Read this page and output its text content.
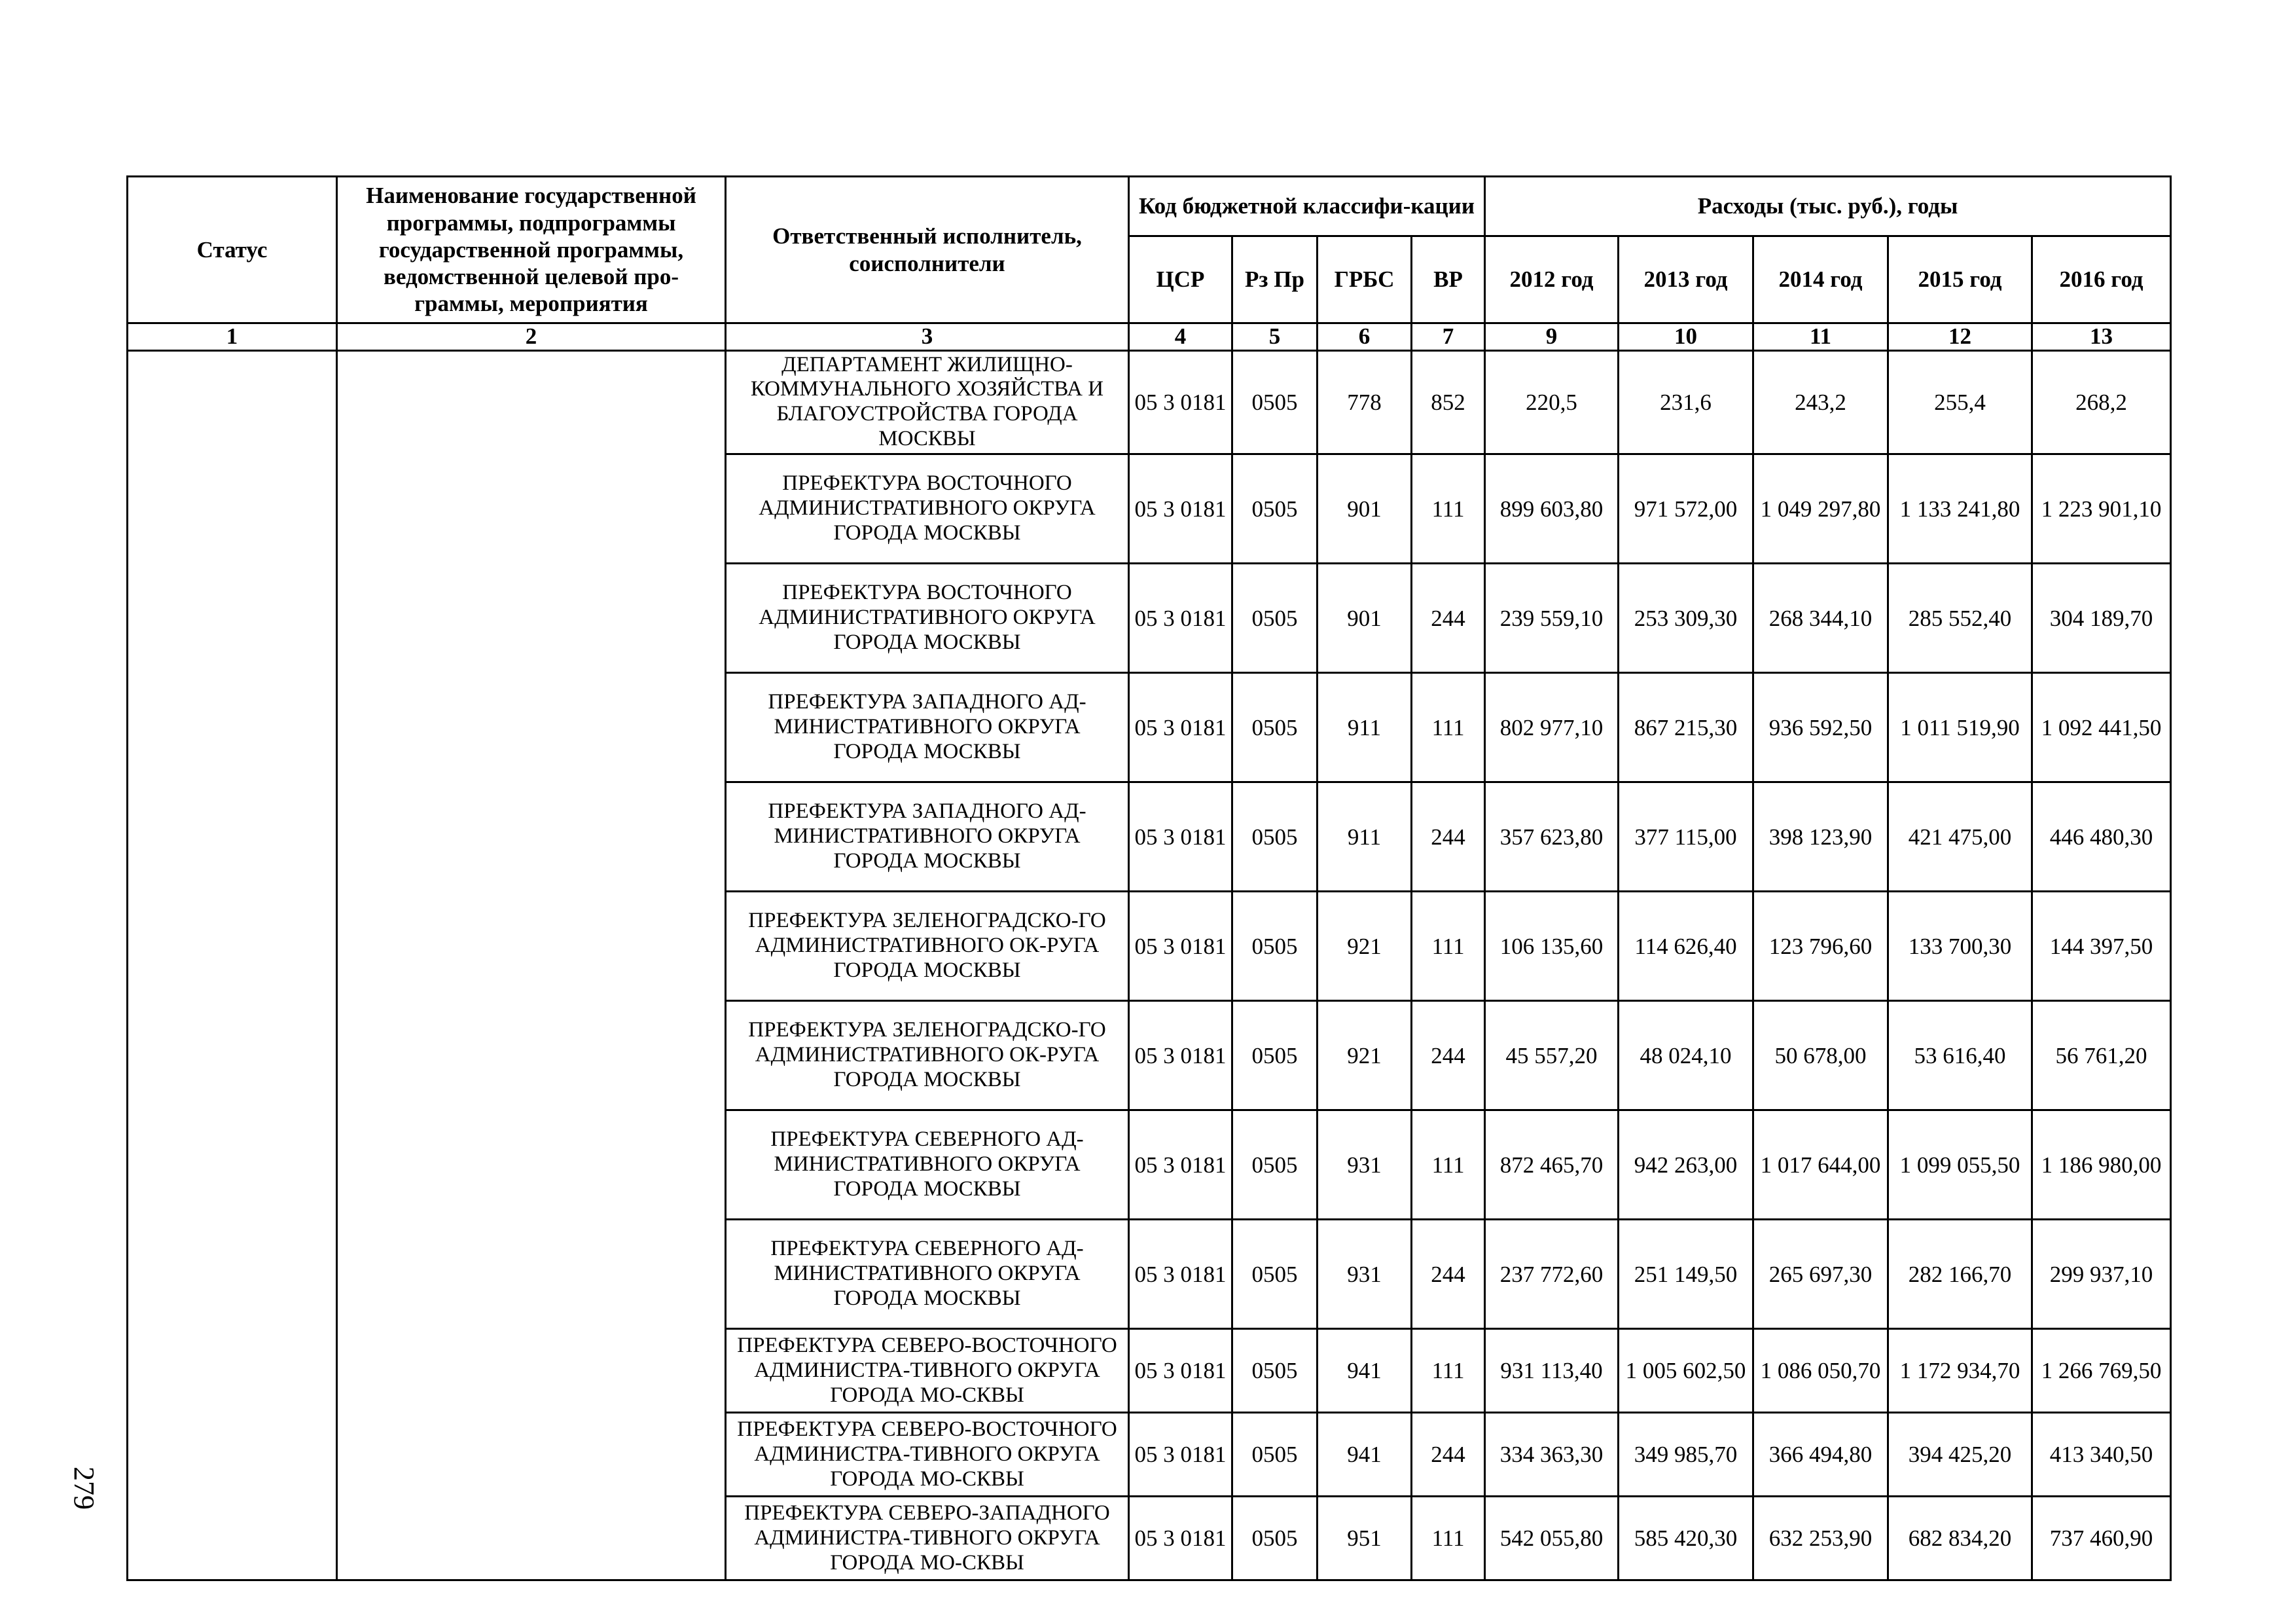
Статус	Наименование государственной программы, подпрограммы государственной программы, ведомственной целевой про-граммы, мероприятия	Ответственный исполнитель, соисполнители	Код бюджетной классифи-кации				Расходы (тыс. руб.), годы				
			ЦСР	Рз Пр	ГРБС	ВР	2012 год	2013 год	2014 год	2015 год	2016 год
1	2	3	4	5	6	7	9	10	11	12	13
		ДЕПАРТАМЕНТ ЖИЛИЩНО-КОММУНАЛЬНОГО ХОЗЯЙСТВА И БЛАГОУСТРОЙСТВА ГОРОДА МОСКВЫ	05 3 0181	0505	778	852	220,5	231,6	243,2	255,4	268,2
		ПРЕФЕКТУРА ВОСТОЧНОГО АДМИНИСТРАТИВНОГО ОКРУГА ГОРОДА МОСКВЫ	05 3 0181	0505	901	111	899 603,80	971 572,00	1 049 297,80	1 133 241,80	1 223 901,10
		ПРЕФЕКТУРА ВОСТОЧНОГО АДМИНИСТРАТИВНОГО ОКРУГА ГОРОДА МОСКВЫ	05 3 0181	0505	901	244	239 559,10	253 309,30	268 344,10	285 552,40	304 189,70
		ПРЕФЕКТУРА ЗАПАДНОГО АД-МИНИСТРАТИВНОГО ОКРУГА ГОРОДА МОСКВЫ	05 3 0181	0505	911	111	802 977,10	867 215,30	936 592,50	1 011 519,90	1 092 441,50
		ПРЕФЕКТУРА ЗАПАДНОГО АД-МИНИСТРАТИВНОГО ОКРУГА ГОРОДА МОСКВЫ	05 3 0181	0505	911	244	357 623,80	377 115,00	398 123,90	421 475,00	446 480,30
		ПРЕФЕКТУРА ЗЕЛЕНОГРАДСКО-ГО АДМИНИСТРАТИВНОГО ОК-РУГА ГОРОДА МОСКВЫ	05 3 0181	0505	921	111	106 135,60	114 626,40	123 796,60	133 700,30	144 397,50
		ПРЕФЕКТУРА ЗЕЛЕНОГРАДСКО-ГО АДМИНИСТРАТИВНОГО ОК-РУГА ГОРОДА МОСКВЫ	05 3 0181	0505	921	244	45 557,20	48 024,10	50 678,00	53 616,40	56 761,20
		ПРЕФЕКТУРА СЕВЕРНОГО АД-МИНИСТРАТИВНОГО ОКРУГА ГОРОДА МОСКВЫ	05 3 0181	0505	931	111	872 465,70	942 263,00	1 017 644,00	1 099 055,50	1 186 980,00
		ПРЕФЕКТУРА СЕВЕРНОГО АД-МИНИСТРАТИВНОГО ОКРУГА ГОРОДА МОСКВЫ	05 3 0181	0505	931	244	237 772,60	251 149,50	265 697,30	282 166,70	299 937,10
		ПРЕФЕКТУРА СЕВЕРО-ВОСТОЧНОГО АДМИНИСТРА-ТИВНОГО ОКРУГА ГОРОДА МО-СКВЫ	05 3 0181	0505	941	111	931 113,40	1 005 602,50	1 086 050,70	1 172 934,70	1 266 769,50
		ПРЕФЕКТУРА СЕВЕРО-ВОСТОЧНОГО АДМИНИСТРА-ТИВНОГО ОКРУГА ГОРОДА МО-СКВЫ	05 3 0181	0505	941	244	334 363,30	349 985,70	366 494,80	394 425,20	413 340,50
		ПРЕФЕКТУРА СЕВЕРО-ЗАПАДНОГО АДМИНИСТРА-ТИВНОГО ОКРУГА ГОРОДА МО-СКВЫ	05 3 0181	0505	951	111	542 055,80	585 420,30	632 253,90	682 834,20	737 460,90
279
